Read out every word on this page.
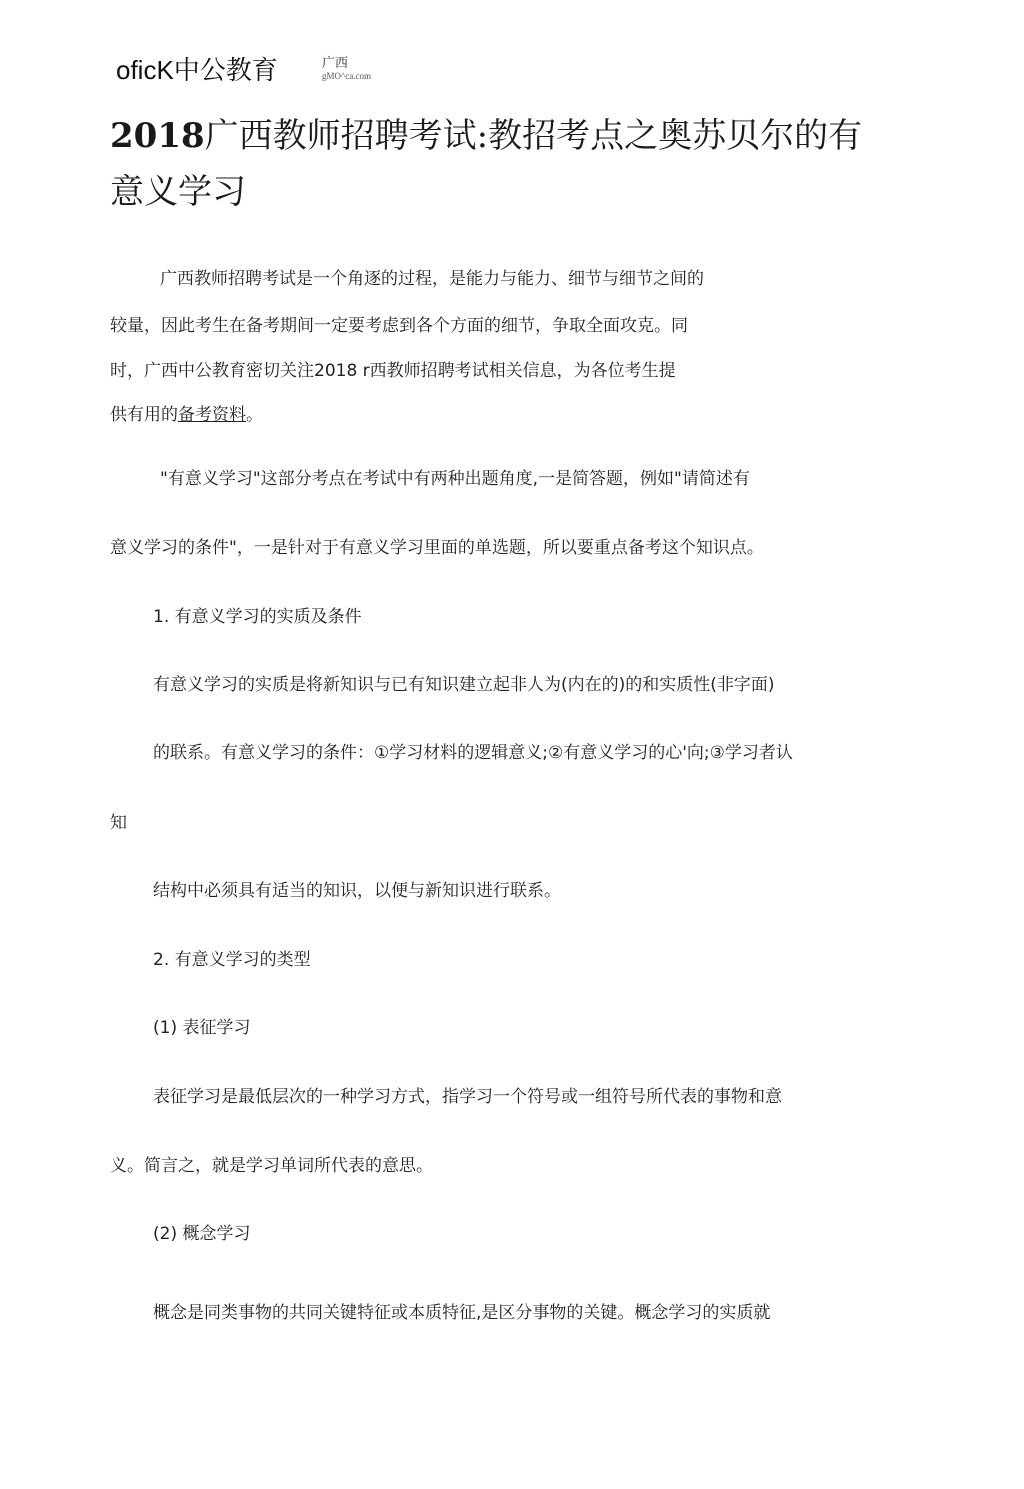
oficK中公教育	广西
gMO^ca.com
2018广西教师招聘考试:教招考点之奥苏贝尔的有
意义学习
广西教师招聘考试是一个角逐的过程，是能力与能力、细节与细节之间的
较量，因此考生在备考期间一定要考虑到各个方面的细节，争取全面攻克。同
时，广西中公教育密切关注2018 r西教师招聘考试相关信息，为各位考生提
供有用的备考资料。
"有意义学习"这部分考点在考试中有两种出题角度,一是简答题，例如"请简述有
意义学习的条件"，一是针对于有意义学习里面的单选题，所以要重点备考这个知识点。
1. 有意义学习的实质及条件
有意义学习的实质是将新知识与已有知识建立起非人为(内在的)的和实质性(非字面)
的联系。有意义学习的条件：①学习材料的逻辑意义;②有意义学习的心'向;③学习者认
知
结构中必须具有适当的知识，以便与新知识进行联系。
2. 有意义学习的类型
(1) 表征学习
表征学习是最低层次的一种学习方式，指学习一个符号或一组符号所代表的事物和意
义。简言之，就是学习单词所代表的意思。
(2) 概念学习
概念是同类事物的共同关键特征或本质特征,是区分事物的关键。概念学习的实质就
